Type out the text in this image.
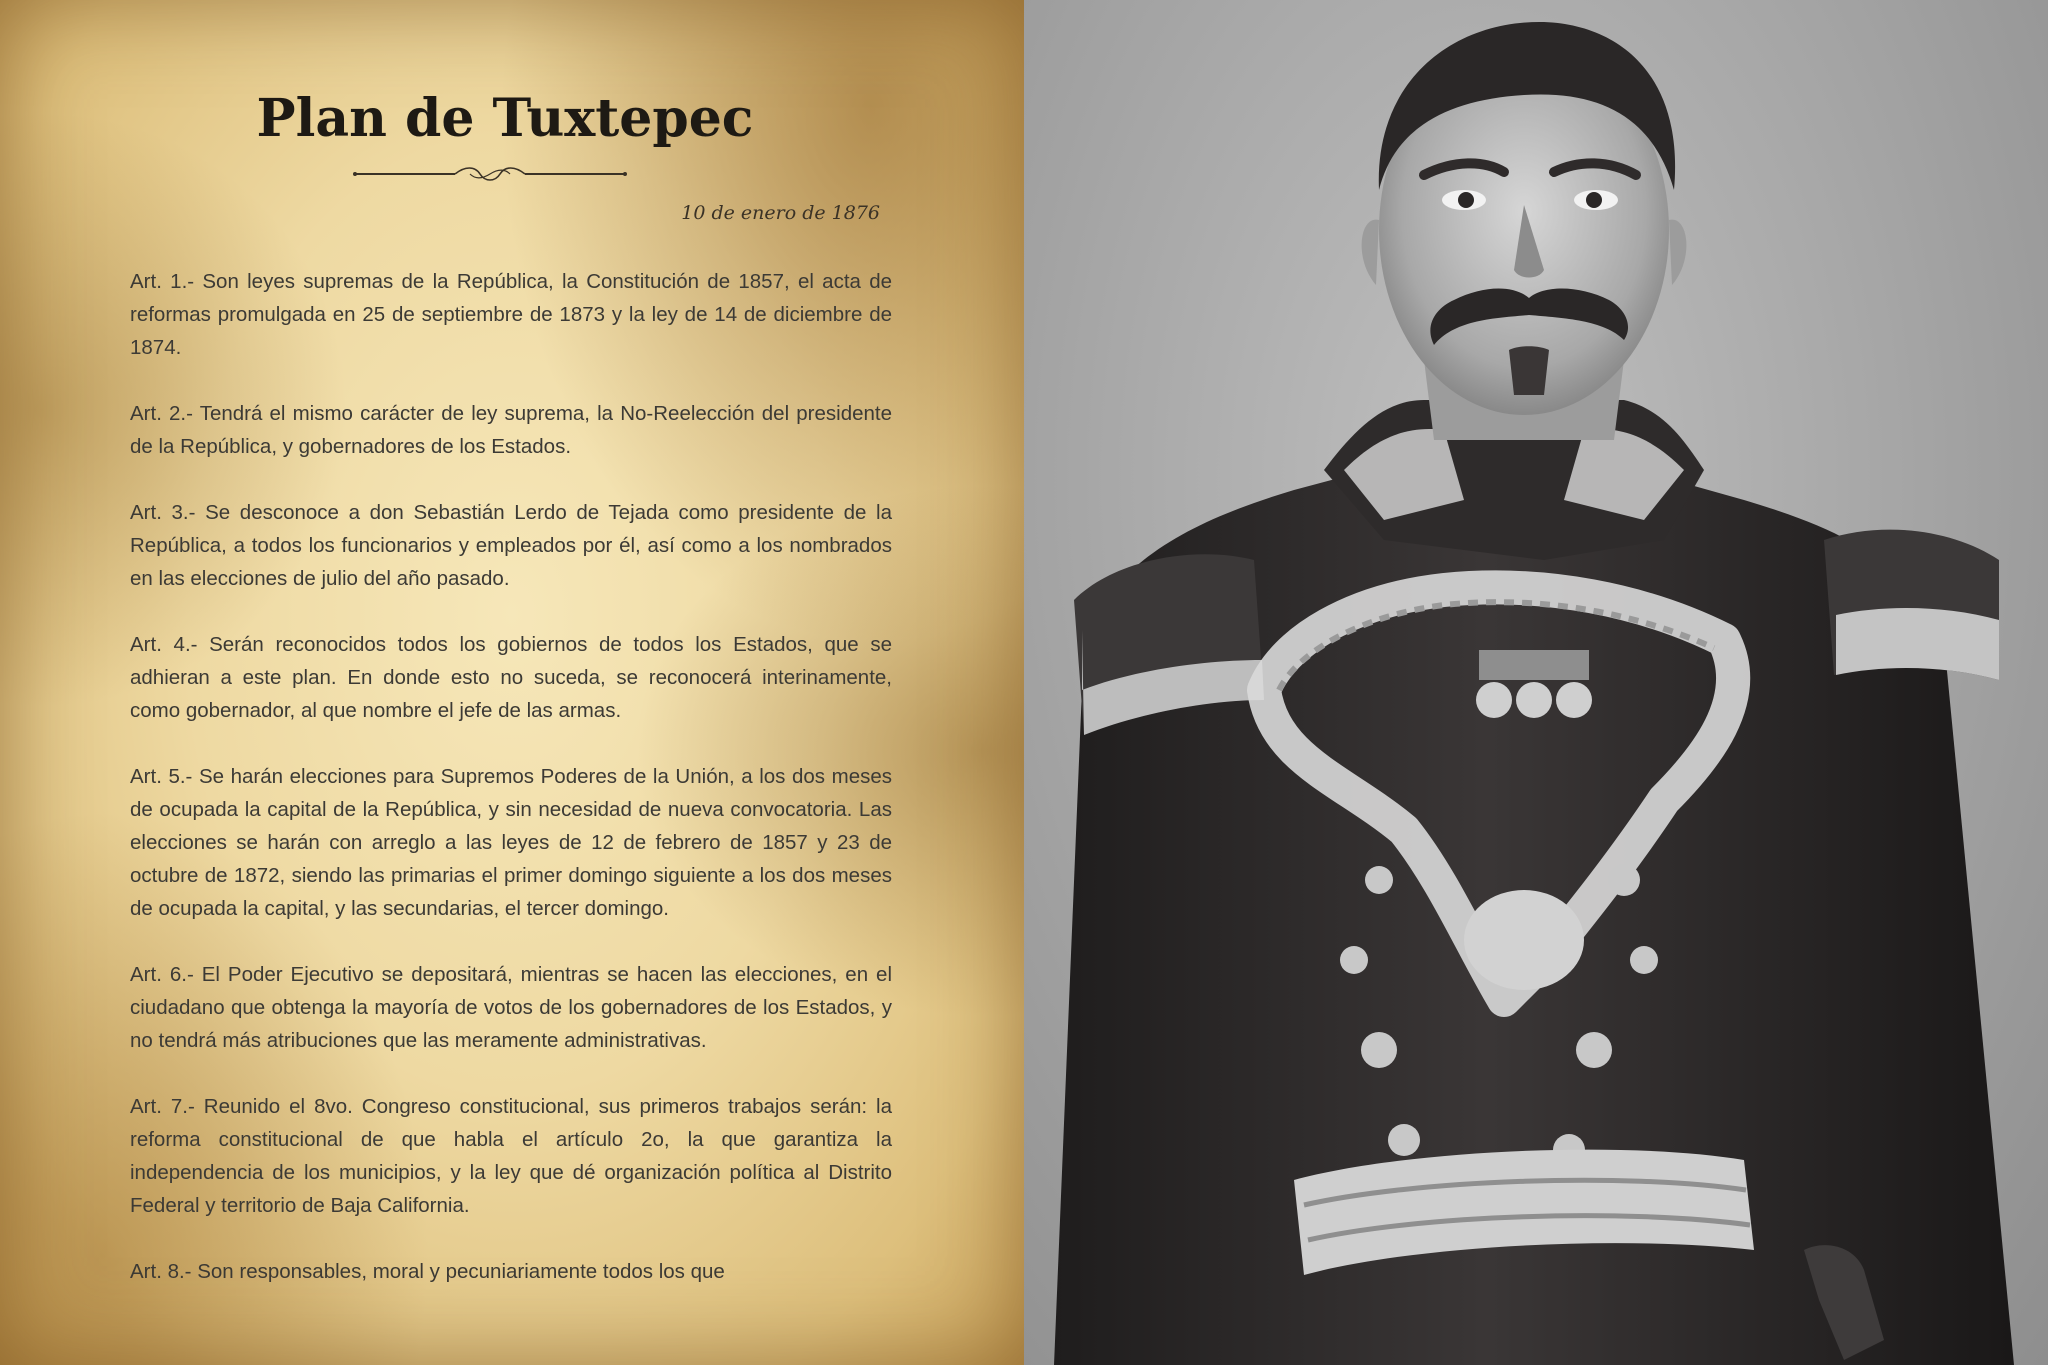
Plan de Tuxtepec
10 de enero de 1876
Art. 1.- Son leyes supremas de la República, la Constitución de 1857, el acta de reformas promulgada en 25 de septiembre de 1873 y la ley de 14 de diciembre de 1874.
Art. 2.- Tendrá el mismo carácter de ley suprema, la No-Reelección del presidente de la República, y gobernadores de los Estados.
Art. 3.- Se desconoce a don Sebastián Lerdo de Tejada como presidente de la República, a todos los funcionarios y empleados por él, así como a los nombrados en las elecciones de julio del año pasado.
Art. 4.- Serán reconocidos todos los gobiernos de todos los Estados, que se adhieran a este plan. En donde esto no suceda, se reconocerá interinamente, como gobernador, al que nombre el jefe de las armas.
Art. 5.- Se harán elecciones para Supremos Poderes de la Unión, a los dos meses de ocupada la capital de la República, y sin necesidad de nueva convocatoria. Las elecciones se harán con arreglo a las leyes de 12 de febrero de 1857 y 23 de octubre de 1872, siendo las primarias el primer domingo siguiente a los dos meses de ocupada la capital, y las secundarias, el tercer domingo.
Art. 6.- El Poder Ejecutivo se depositará, mientras se hacen las elecciones, en el ciudadano que obtenga la mayoría de votos de los gobernadores de los Estados, y no tendrá más atribuciones que las meramente administrativas.
Art. 7.- Reunido el 8vo. Congreso constitucional, sus primeros trabajos serán: la reforma constitucional de que habla el artículo 2o, la que garantiza la independencia de los municipios, y la ley que dé organización política al Distrito Federal y territorio de Baja California.
Art. 8.- Son responsables, moral y pecuniariamente todos los que
